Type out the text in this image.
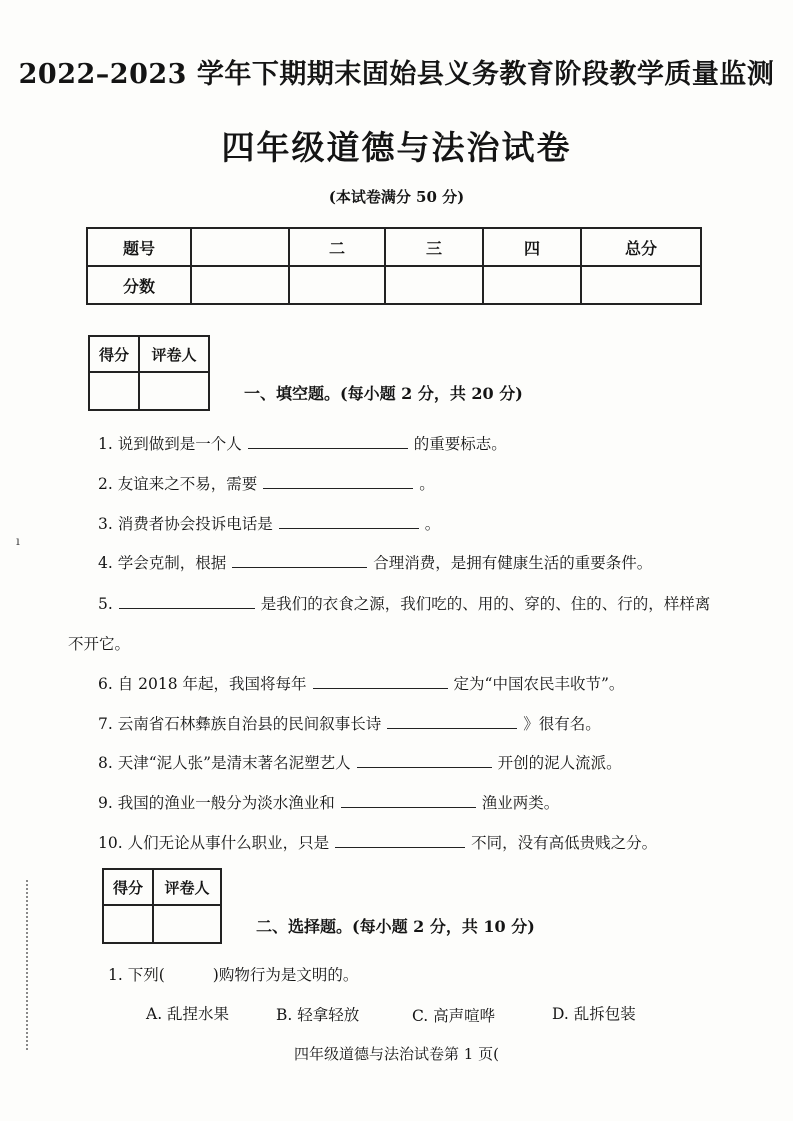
ı
2022–2023 学年下期期末固始县义务教育阶段教学质量监测
四年级道德与法治试卷
(本试卷满分 50 分)
题号		二	三	四	总分
分数					
得分	评卷人

一、填空题。(每小题 2 分，共 20 分)
1. 说到做到是一个人	的重要标志。
2. 友谊来之不易，需要	。
3. 消费者协会投诉电话是	。
4. 学会克制，根据	合理消费，是拥有健康生活的重要条件。
5.	是我们的衣食之源，我们吃的、用的、穿的、住的、行的，样样离
不开它。
6. 自 2018 年起，我国将每年	定为“中国农民丰收节”。
7. 云南省石林彝族自治县的民间叙事长诗	》很有名。
8. 天津“泥人张”是清末著名泥塑艺人	开创的泥人流派。
9. 我国的渔业一般分为淡水渔业和	渔业两类。
10. 人们无论从事什么职业，只是	不同，没有高低贵贱之分。
得分	评卷人

二、选择题。(每小题 2 分，共 10 分)
1. 下列(	)购物行为是文明的。
A. 乱捏水果	B. 轻拿轻放	C. 高声喧哗	D. 乱拆包装
四年级道德与法治试卷第 1 页(
